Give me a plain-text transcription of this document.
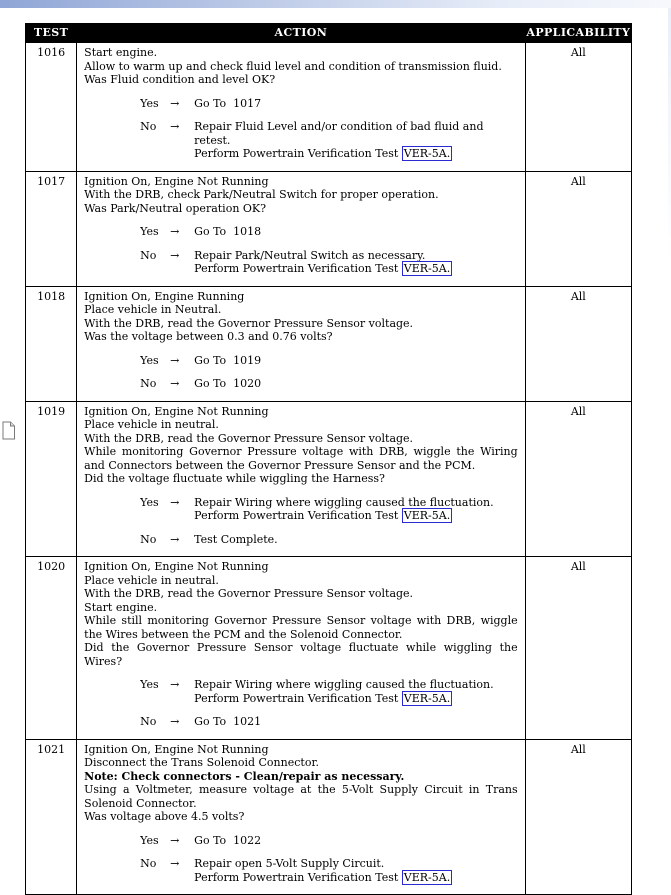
TEST	ACTION	APPLICABILITY
1016	Start engine.
Allow to warm up and check fluid level and condition of transmission fluid.
Was Fluid condition and level OK?
Yes	→	Go To  1017
No	→	Repair Fluid Level and/or condition of bad fluid and retest.
Perform Powertrain Verification Test VER-5A.
	All
1017	Ignition On, Engine Not Running
With the DRB, check Park/Neutral Switch for proper operation.
Was Park/Neutral operation OK?
Yes	→	Go To  1018
No	→	Repair Park/Neutral Switch as necessary.
Perform Powertrain Verification Test VER-5A.
	All
1018	Ignition On, Engine Running
Place vehicle in Neutral.
With the DRB, read the Governor Pressure Sensor voltage.
Was the voltage between 0.3 and 0.76 volts?
Yes	→	Go To  1019
No	→	Go To  1020
	All
1019	Ignition On, Engine Not Running
Place vehicle in neutral.
With the DRB, read the Governor Pressure Sensor voltage.
While monitoring Governor Pressure voltage with DRB, wiggle the Wiring and Connectors between the Governor Pressure Sensor and the PCM.
Did the voltage fluctuate while wiggling the Harness?
Yes	→	Repair Wiring where wiggling caused the fluctuation.
Perform Powertrain Verification Test VER-5A.
No	→	Test Complete.
	All
1020	Ignition On, Engine Not Running
Place vehicle in neutral.
With the DRB, read the Governor Pressure Sensor voltage.
Start engine.
While still monitoring Governor Pressure Sensor voltage with DRB, wiggle the Wires between the PCM and the Solenoid Connector.
Did the Governor Pressure Sensor voltage fluctuate while wiggling the Wires?
Yes	→	Repair Wiring where wiggling caused the fluctuation.
Perform Powertrain Verification Test VER-5A.
No	→	Go To  1021
	All
1021	Ignition On, Engine Not Running
Disconnect the Trans Solenoid Connector.
Note: Check connectors - Clean/repair as necessary.
Using a Voltmeter, measure voltage at the 5-Volt Supply Circuit in Trans Solenoid Connector.
Was voltage above 4.5 volts?
Yes	→	Go To  1022
No	→	Repair open 5-Volt Supply Circuit.
Perform Powertrain Verification Test VER-5A.
	All
